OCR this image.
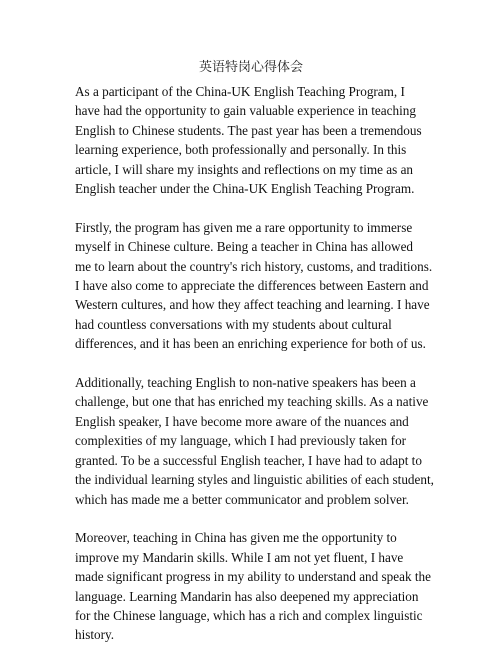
英语特岗心得体会

As a participant of the China-UK English Teaching Program, I
have had the opportunity to gain valuable experience in teaching
English to Chinese students. The past year has been a tremendous
learning experience, both professionally and personally. In this
article, I will share my insights and reflections on my time as an
English teacher under the China-UK English Teaching Program.

Firstly, the program has given me a rare opportunity to immerse
myself in Chinese culture. Being a teacher in China has allowed
me to learn about the country's rich history, customs, and traditions.
I have also come to appreciate the differences between Eastern and
Western cultures, and how they affect teaching and learning. I have
had countless conversations with my students about cultural
differences, and it has been an enriching experience for both of us.

Additionally, teaching English to non-native speakers has been a
challenge, but one that has enriched my teaching skills. As a native
English speaker, I have become more aware of the nuances and
complexities of my language, which I had previously taken for
granted. To be a successful English teacher, I have had to adapt to
the individual learning styles and linguistic abilities of each student,
which has made me a better communicator and problem solver.

Moreover, teaching in China has given me the opportunity to
improve my Mandarin skills. While I am not yet fluent, I have
made significant progress in my ability to understand and speak the
language. Learning Mandarin has also deepened my appreciation
for the Chinese language, which has a rich and complex linguistic
history.
